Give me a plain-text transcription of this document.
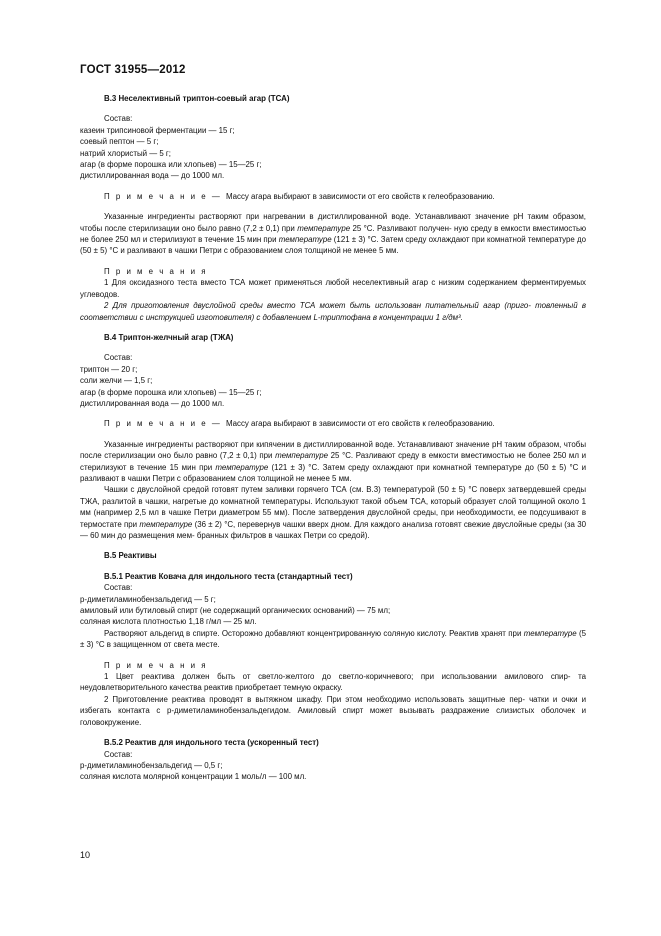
ГОСТ 31955—2012
B.3 Неселективный триптон-соевый агар (ТСА)
Состав:
казеин трипсиновой ферментации — 15 г;
соевый пептон — 5 г;
натрий хлористый — 5 г;
агар (в форме порошка или хлопьев) — 15—25 г;
дистиллированная вода — до 1000 мл.
П р и м е ч а н и е — Массу агара выбирают в зависимости от его свойств к гелеобразованию.
Указанные ингредиенты растворяют при нагревании в дистиллированной воде. Устанавливают значение рН таким образом, чтобы после стерилизации оно было равно (7,2 ± 0,1) при температуре 25 °С. Разливают получен- ную среду в емкости вместимостью не более 250 мл и стерилизуют в течение 15 мин при температуре (121 ± 3) °С. Затем среду охлаждают при комнатной температуре до (50 ± 5) °С и разливают в чашки Петри с образованием слоя толщиной не менее 5 мм.
П р и м е ч а н и я
1 Для оксидазного теста вместо ТСА может применяться любой неселективный агар с низким содержанием ферментируемых углеводов.
2 Для приготовления двуслойной среды вместо ТСА может быть использован питательный агар (приго- товленный в соответствии с инструкцией изготовителя) с добавлением L-триптофана в концентрации 1 г/дм³.
B.4 Триптон-желчный агар (ТЖА)
Состав:
триптон — 20 г;
соли желчи — 1,5 г;
агар (в форме порошка или хлопьев) — 15—25 г;
дистиллированная вода — до 1000 мл.
П р и м е ч а н и е — Массу агара выбирают в зависимости от его свойств к гелеобразованию.
Указанные ингредиенты растворяют при кипячении в дистиллированной воде. Устанавливают значение рН таким образом, чтобы после стерилизации оно было равно (7,2 ± 0,1) при температуре 25 °С. Разливают среду в емкости вместимостью не более 250 мл и стерилизуют в течение 15 мин при температуре (121 ± 3) °С. Затем среду охлаждают при комнатной температуре до (50 ± 5) °С и разливают в чашки Петри с образованием слоя толщиной не менее 5 мм.
Чашки с двуслойной средой готовят путем заливки горячего ТСА (см. В.3) температурой (50 ± 5) °С поверх затвердевшей среды ТЖА, разлитой в чашки, нагретые до комнатной температуры. Используют такой объем ТСА, который образует слой толщиной около 1 мм (например 2,5 мл в чашке Петри диаметром 55 мм). После затвердения двуслойной среды, при необходимости, ее подсушивают в термостате при температуре (36 ± 2) °С, перевернув чашки вверх дном. Для каждого анализа готовят свежие двуслойные среды (за 30— 60 мин до размещения мем- бранных фильтров в чашках Петри со средой).
B.5 Реактивы
B.5.1 Реактив Ковача для индольного теста (стандартный тест)
Состав:
p-диметиламинобензальдегид — 5 г;
амиловый или бутиловый спирт (не содержащий органических оснований) — 75 мл;
соляная кислота плотностью 1,18 г/мл — 25 мл.
Растворяют альдегид в спирте. Осторожно добавляют концентрированную соляную кислоту. Реактив хранят при температуре (5 ± 3) °С в защищенном от света месте.
П р и м е ч а н и я
1 Цвет реактива должен быть от светло-желтого до светло-коричневого; при использовании амилового спир- та неудовлетворительного качества реактив приобретает темную окраску.
2 Приготовление реактива проводят в вытяжном шкафу. При этом необходимо использовать защитные пер- чатки и очки и избегать контакта с p-диметиламинобензальдегидом. Амиловый спирт может вызывать раздражение слизистых оболочек и головокружение.
B.5.2 Реактив для индольного теста (ускоренный тест)
Состав:
p-диметиламинобензальдегид — 0,5 г;
соляная кислота молярной концентрации 1 моль/л — 100 мл.
10
